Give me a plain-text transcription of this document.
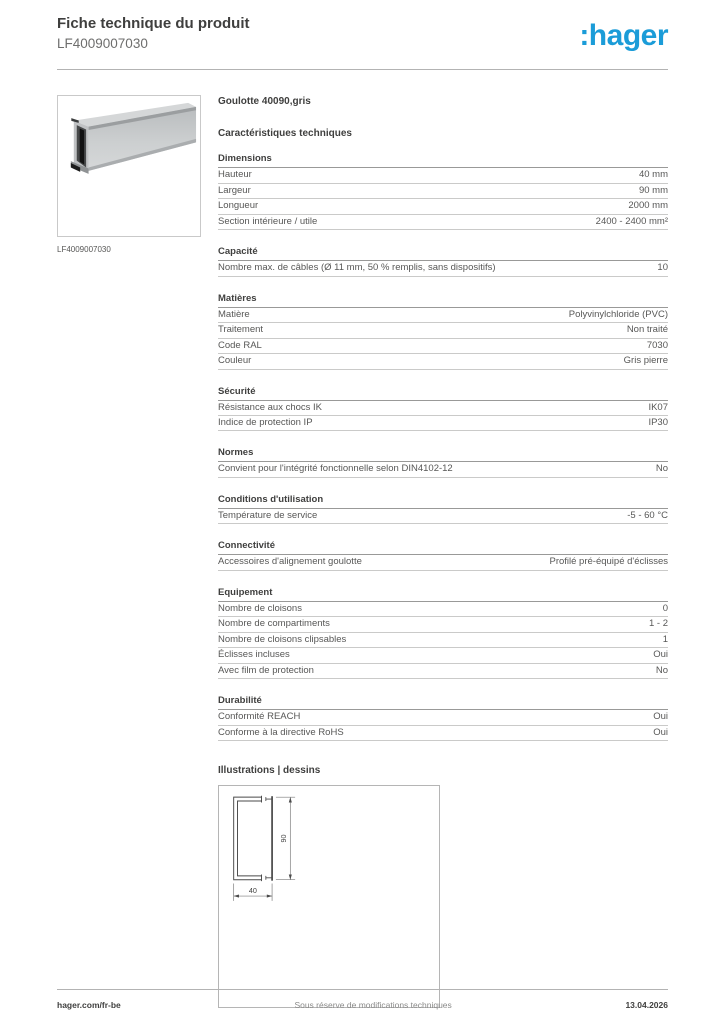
Fiche technique du produit
LF4009007030	:hager
LF4009007030
Goulotte 40090,gris
Caractéristiques techniques
Dimensions
Hauteur	40 mm
Largeur	90 mm
Longueur	2000 mm
Section intérieure / utile	2400 - 2400 mm²
Capacité
Nombre max. de câbles (Ø 11 mm, 50 % remplis, sans dispositifs)	10
Matières
Matière	Polyvinylchloride (PVC)
Traitement	Non traité
Code RAL	7030
Couleur	Gris pierre
Sécurité
Résistance aux chocs IK	IK07
Indice de protection IP	IP30
Normes
Convient pour l'intégrité fonctionnelle selon DIN4102-12	No
Conditions d'utilisation
Température de service	-5 - 60 °C
Connectivité
Accessoires d'alignement goulotte	Profilé pré-équipé d'éclisses
Equipement
Nombre de cloisons	0
Nombre de compartiments	1 - 2
Nombre de cloisons clipsables	1
Éclisses incluses	Oui
Avec film de protection	No
Durabilité
Conformité REACH	Oui
Conforme à la directive RoHS	Oui
Illustrations | dessins
40
90
hager.com/fr-be	Sous réserve de modifications techniques	13.04.2026
